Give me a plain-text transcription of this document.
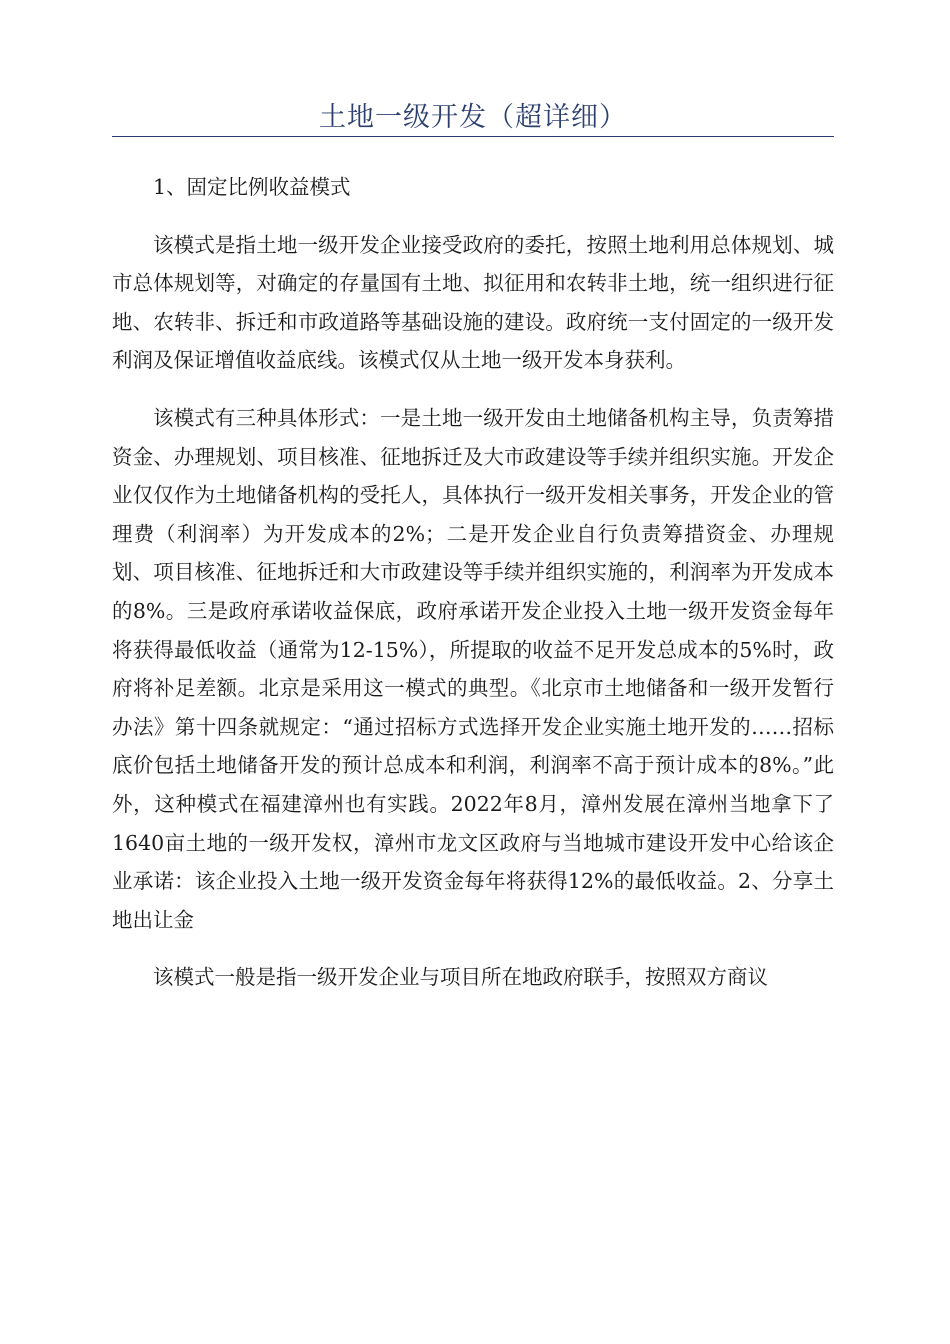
土地一级开发（超详细）

1、固定比例收益模式

该模式是指土地一级开发企业接受政府的委托，按照土地利用总体规划、城市总体规划等，对确定的存量国有土地、拟征用和农转非土地，统一组织进行征地、农转非、拆迁和市政道路等基础设施的建设。政府统一支付固定的一级开发利润及保证增值收益底线。该模式仅从土地一级开发本身获利。

该模式有三种具体形式：一是土地一级开发由土地储备机构主导，负责筹措资金、办理规划、项目核准、征地拆迁及大市政建设等手续并组织实施。开发企业仅仅作为土地储备机构的受托人，具体执行一级开发相关事务，开发企业的管理费（利润率）为开发成本的2%；二是开发企业自行负责筹措资金、办理规划、项目核准、征地拆迁和大市政建设等手续并组织实施的，利润率为开发成本的8%。三是政府承诺收益保底，政府承诺开发企业投入土地一级开发资金每年将获得最低收益（通常为12-15%），所提取的收益不足开发总成本的5%时，政府将补足差额。北京是采用这一模式的典型。《北京市土地储备和一级开发暂行办法》第十四条就规定：“通过招标方式选择开发企业实施土地开发的……招标底价包括土地储备开发的预计总成本和利润，利润率不高于预计成本的8%。”此外，这种模式在福建漳州也有实践。2022年8月，漳州发展在漳州当地拿下了1640亩土地的一级开发权，漳州市龙文区政府与当地城市建设开发中心给该企业承诺：该企业投入土地一级开发资金每年将获得12%的最低收益。2、分享土地出让金

该模式一般是指一级开发企业与项目所在地政府联手，按照双方商议
